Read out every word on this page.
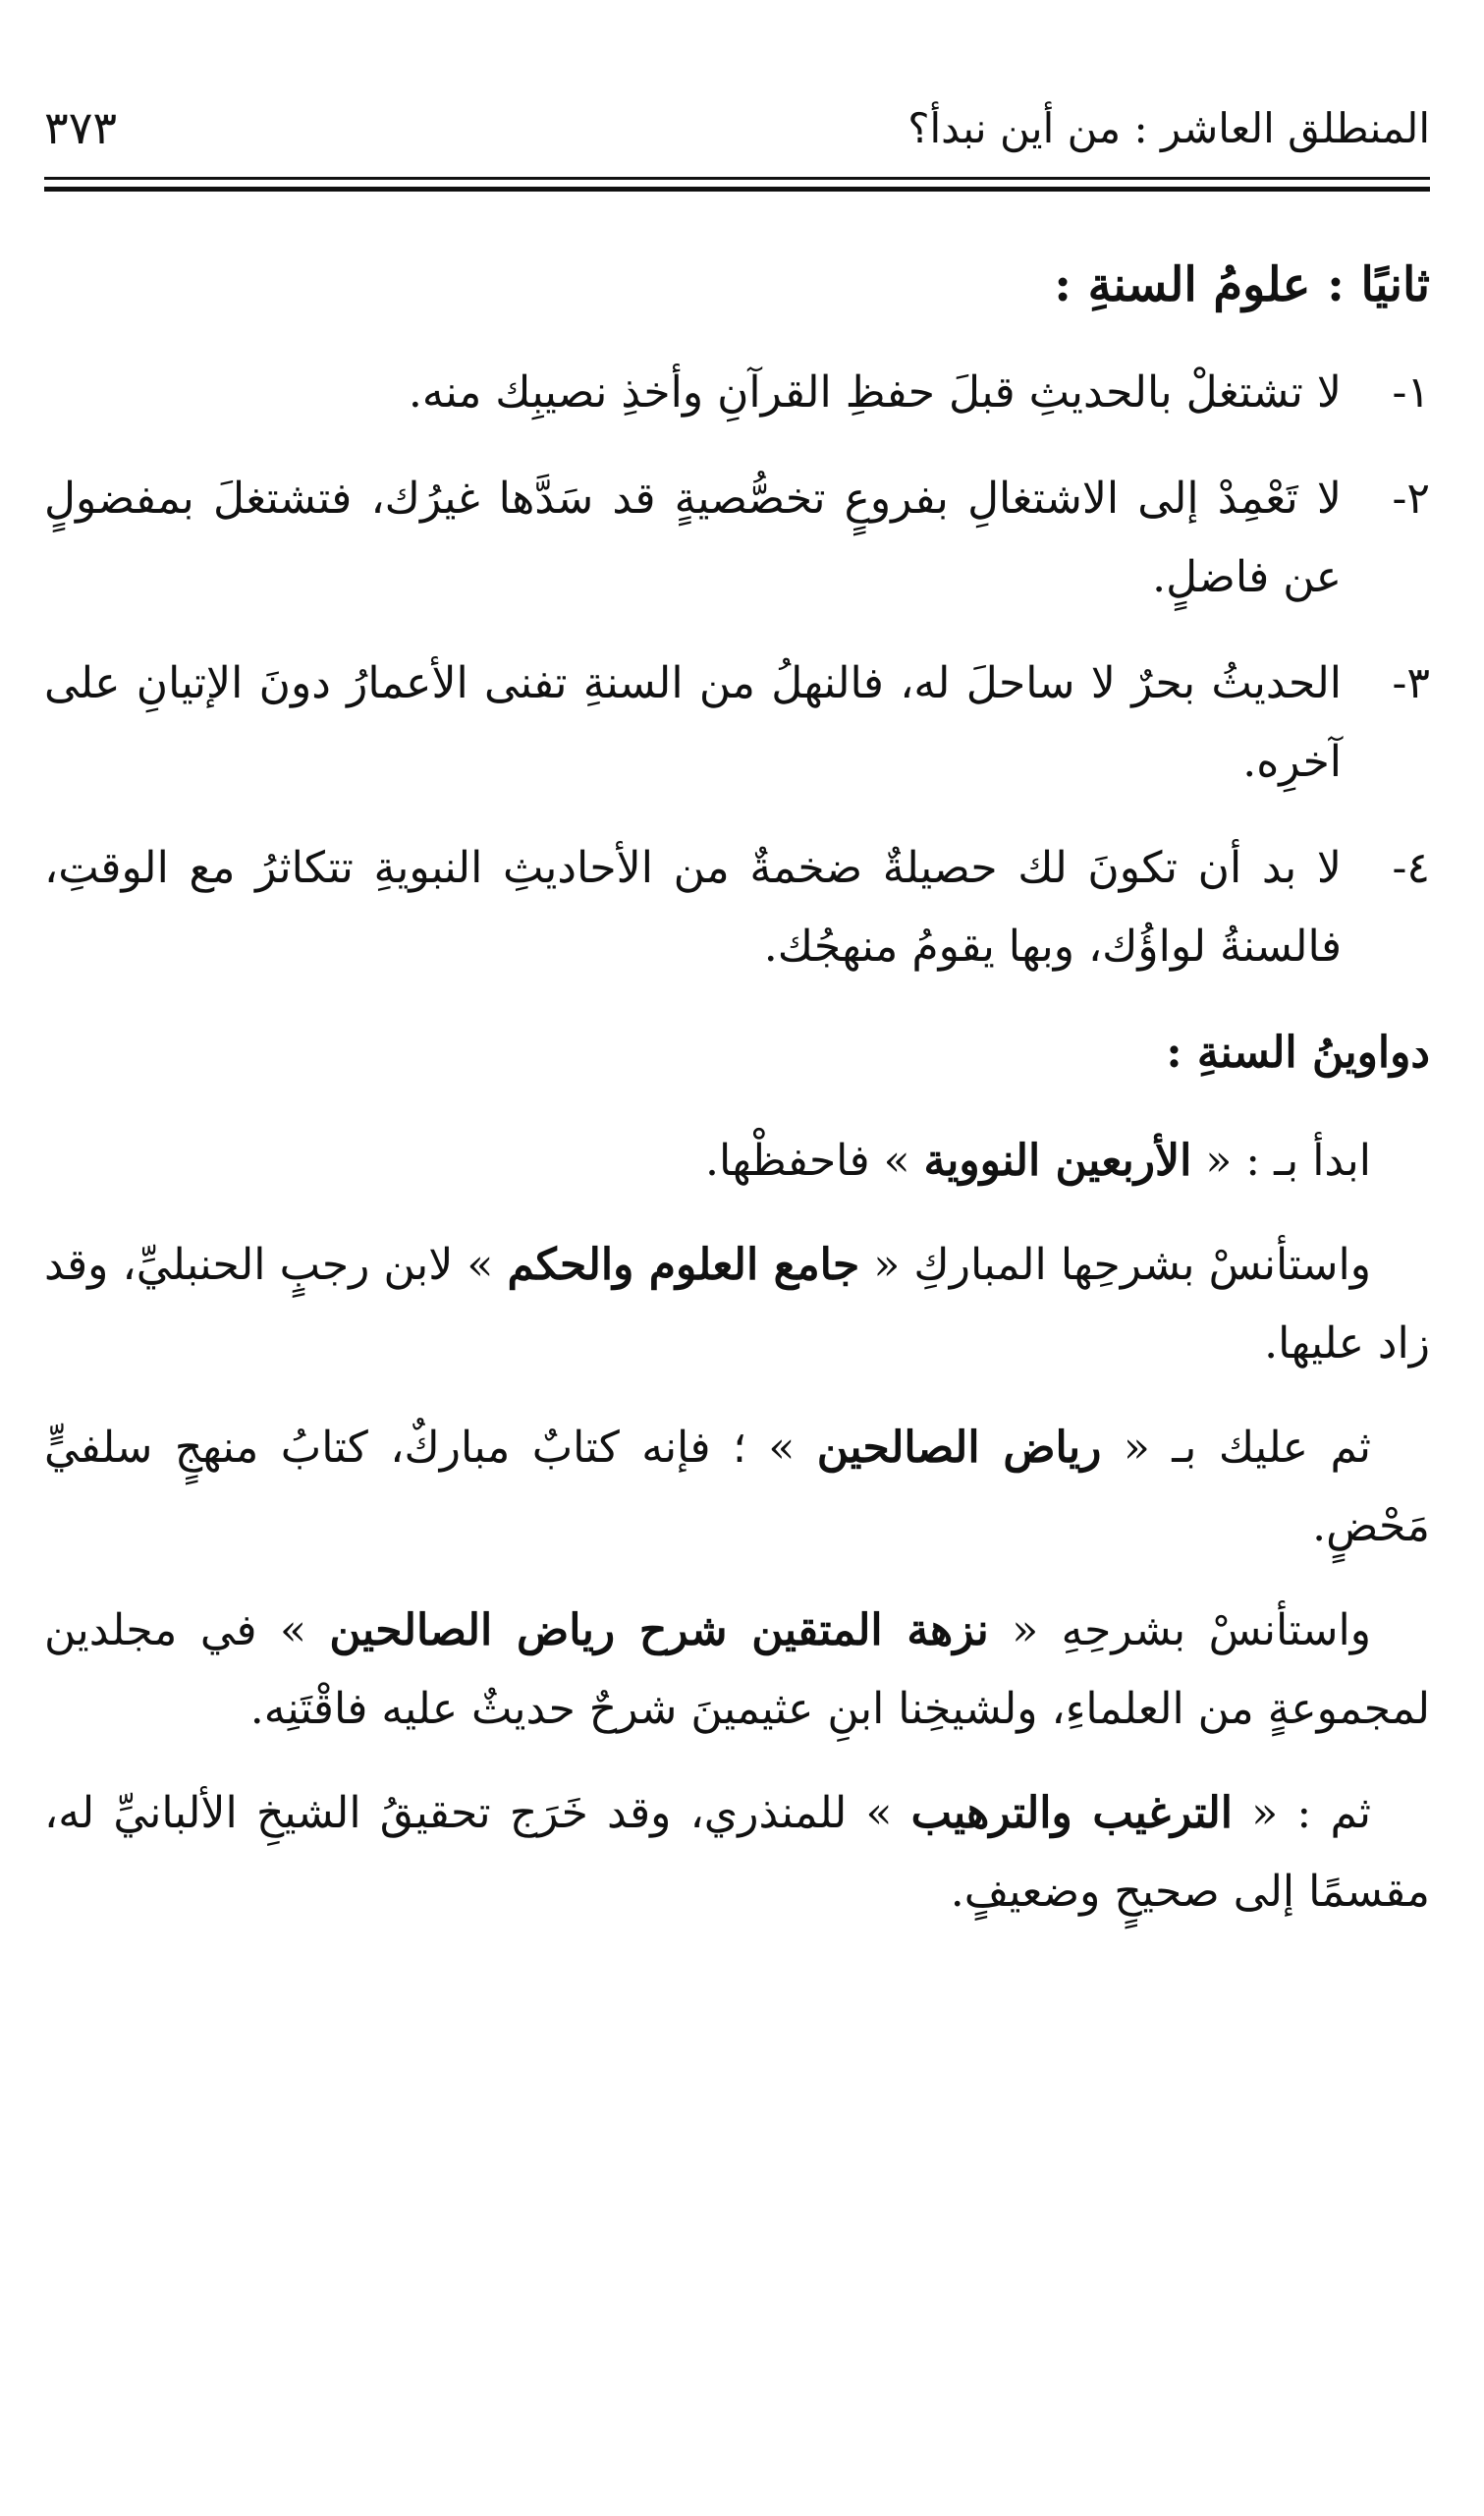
المنطلق العاشر : من أين نبدأ؟
٣٧٣
ثانيًا : علومُ السنةِ :
١-
لا تشتغلْ بالحديثِ قبلَ حفظِ القرآنِ وأخذِ نصيبِك منه.
٢-
لا تَعْمِدْ إلى الاشتغالِ بفروعٍ تخصُّصيةٍ قد سَدَّها غيرُك، فتشتغلَ بمفضولٍ عن فاضلٍ.
٣-
الحديثُ بحرٌ لا ساحلَ له، فالنهلُ من السنةِ تفنى الأعمارُ دونَ الإتيانِ على آخرِه.
٤-
لا بد أن تكونَ لك حصيلةٌ ضخمةٌ من الأحاديثِ النبويةِ تتكاثرُ مع الوقتِ، فالسنةُ لواؤُك، وبها يقومُ منهجُك.
دواوينُ السنةِ :

ابدأ بـ : « الأربعين النووية » فاحفظْها.

واستأنسْ بشرحِها المباركِ « جامع العلوم والحكم » لابن رجبٍ الحنبليِّ، وقد زاد عليها.

ثم عليك بـ « رياض الصالحين » ؛ فإنه كتابٌ مباركٌ، كتابُ منهجٍ سلفيٍّ مَحْضٍ.

واستأنسْ بشرحِهِ « نزهة المتقين شرح رياض الصالحين » في مجلدين لمجموعةٍ من العلماءِ، ولشيخِنا ابنِ عثيمينَ شرحٌ حديثٌ عليه فاقْتَنِه.

ثم : « الترغيب والترهيب » للمنذري، وقد خَرَج تحقيقُ الشيخِ الألبانيِّ له، مقسمًا إلى صحيحٍ وضعيفٍ.
